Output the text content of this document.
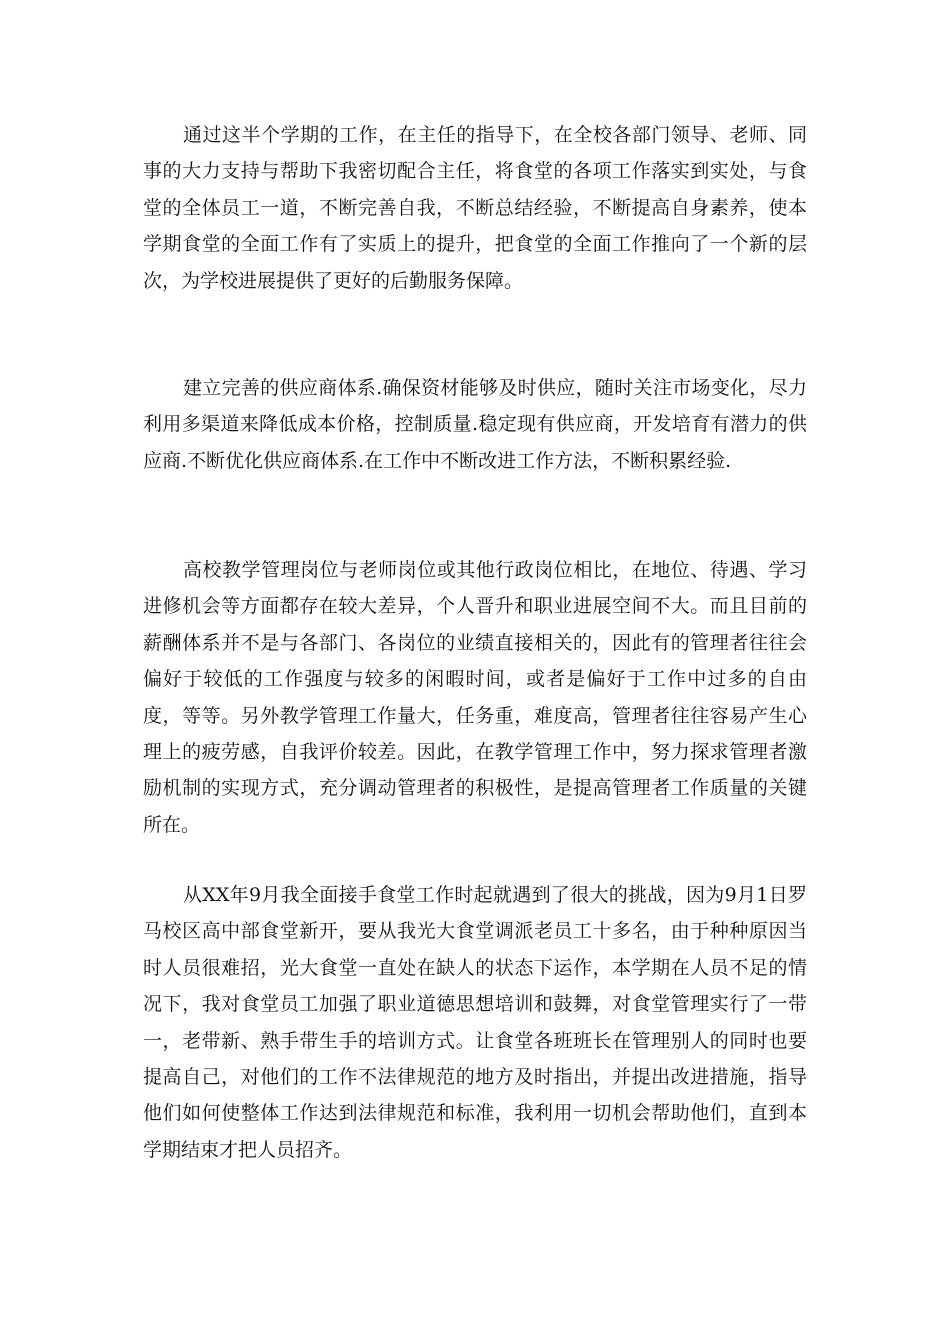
通过这半个学期的工作，在主任的指导下，在全校各部门领导、老师、同事的大力支持与帮助下我密切配合主任，将食堂的各项工作落实到实处，与食堂的全体员工一道，不断完善自我，不断总结经验，不断提高自身素养，使本学期食堂的全面工作有了实质上的提升，把食堂的全面工作推向了一个新的层次，为学校进展提供了更好的后勤服务保障。

建立完善的供应商体系.确保资材能够及时供应，随时关注市场变化，尽力利用多渠道来降低成本价格，控制质量.稳定现有供应商，开发培育有潜力的供应商.不断优化供应商体系.在工作中不断改进工作方法，不断积累经验.

高校教学管理岗位与老师岗位或其他行政岗位相比，在地位、待遇、学习进修机会等方面都存在较大差异，个人晋升和职业进展空间不大。而且目前的薪酬体系并不是与各部门、各岗位的业绩直接相关的，因此有的管理者往往会偏好于较低的工作强度与较多的闲暇时间，或者是偏好于工作中过多的自由度，等等。另外教学管理工作量大，任务重，难度高，管理者往往容易产生心理上的疲劳感，自我评价较差。因此，在教学管理工作中，努力探求管理者激励机制的实现方式，充分调动管理者的积极性，是提高管理者工作质量的关键所在。

从XX年9月我全面接手食堂工作时起就遇到了很大的挑战，因为9月1日罗马校区高中部食堂新开，要从我光大食堂调派老员工十多名，由于种种原因当时人员很难招，光大食堂一直处在缺人的状态下运作，本学期在人员不足的情况下，我对食堂员工加强了职业道德思想培训和鼓舞，对食堂管理实行了一带一，老带新、熟手带生手的培训方式。让食堂各班班长在管理别人的同时也要提高自己，对他们的工作不法律规范的地方及时指出，并提出改进措施，指导他们如何使整体工作达到法律规范和标准，我利用一切机会帮助他们，直到本学期结束才把人员招齐。
